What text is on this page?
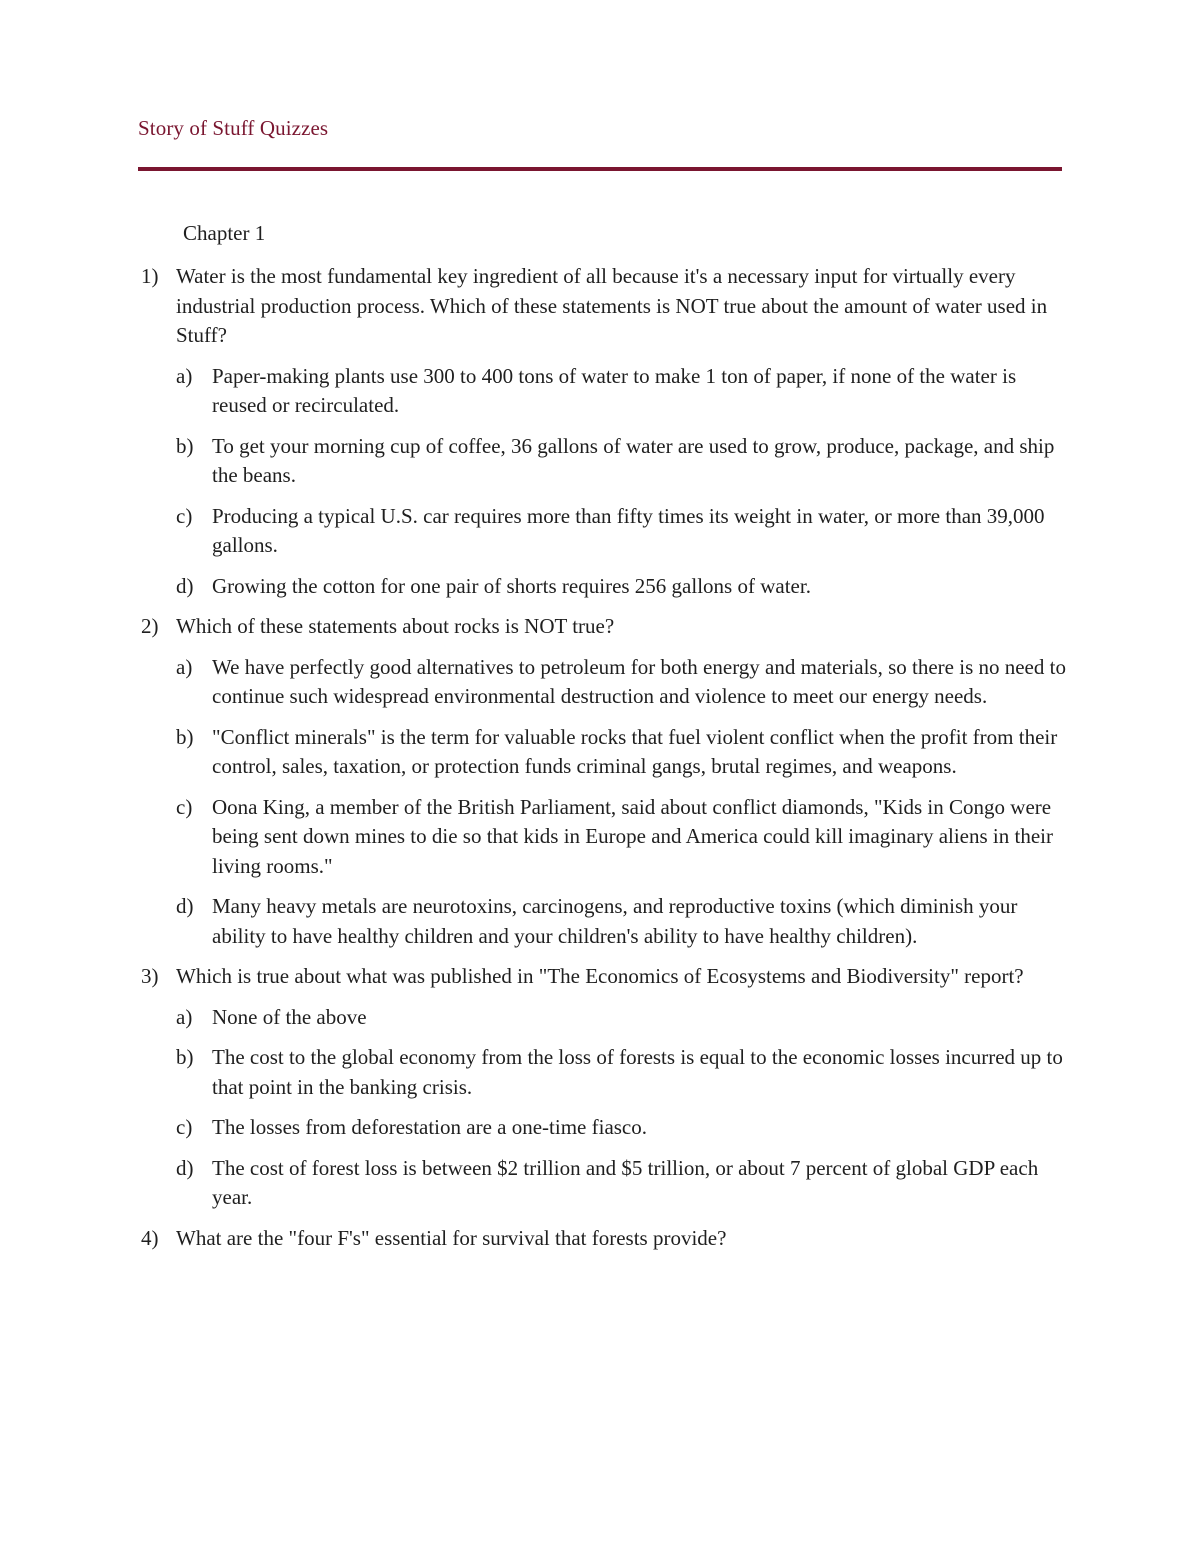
Story of Stuff Quizzes
Chapter 1
1) Water is the most fundamental key ingredient of all because it's a necessary input for virtually every industrial production process. Which of these statements is NOT true about the amount of water used in Stuff?
a) Paper-making plants use 300 to 400 tons of water to make 1 ton of paper, if none of the water is reused or recirculated.
b) To get your morning cup of coffee, 36 gallons of water are used to grow, produce, package, and ship the beans.
c) Producing a typical U.S. car requires more than fifty times its weight in water, or more than 39,000 gallons.
d) Growing the cotton for one pair of shorts requires 256 gallons of water.
2) Which of these statements about rocks is NOT true?
a) We have perfectly good alternatives to petroleum for both energy and materials, so there is no need to continue such widespread environmental destruction and violence to meet our energy needs.
b) "Conflict minerals" is the term for valuable rocks that fuel violent conflict when the profit from their control, sales, taxation, or protection funds criminal gangs, brutal regimes, and weapons.
c) Oona King, a member of the British Parliament, said about conflict diamonds, "Kids in Congo were being sent down mines to die so that kids in Europe and America could kill imaginary aliens in their living rooms."
d) Many heavy metals are neurotoxins, carcinogens, and reproductive toxins (which diminish your ability to have healthy children and your children's ability to have healthy children).
3) Which is true about what was published in "The Economics of Ecosystems and Biodiversity" report?
a) None of the above
b) The cost to the global economy from the loss of forests is equal to the economic losses incurred up to that point in the banking crisis.
c) The losses from deforestation are a one-time fiasco.
d) The cost of forest loss is between $2 trillion and $5 trillion, or about 7 percent of global GDP each year.
4) What are the "four F's" essential for survival that forests provide?
